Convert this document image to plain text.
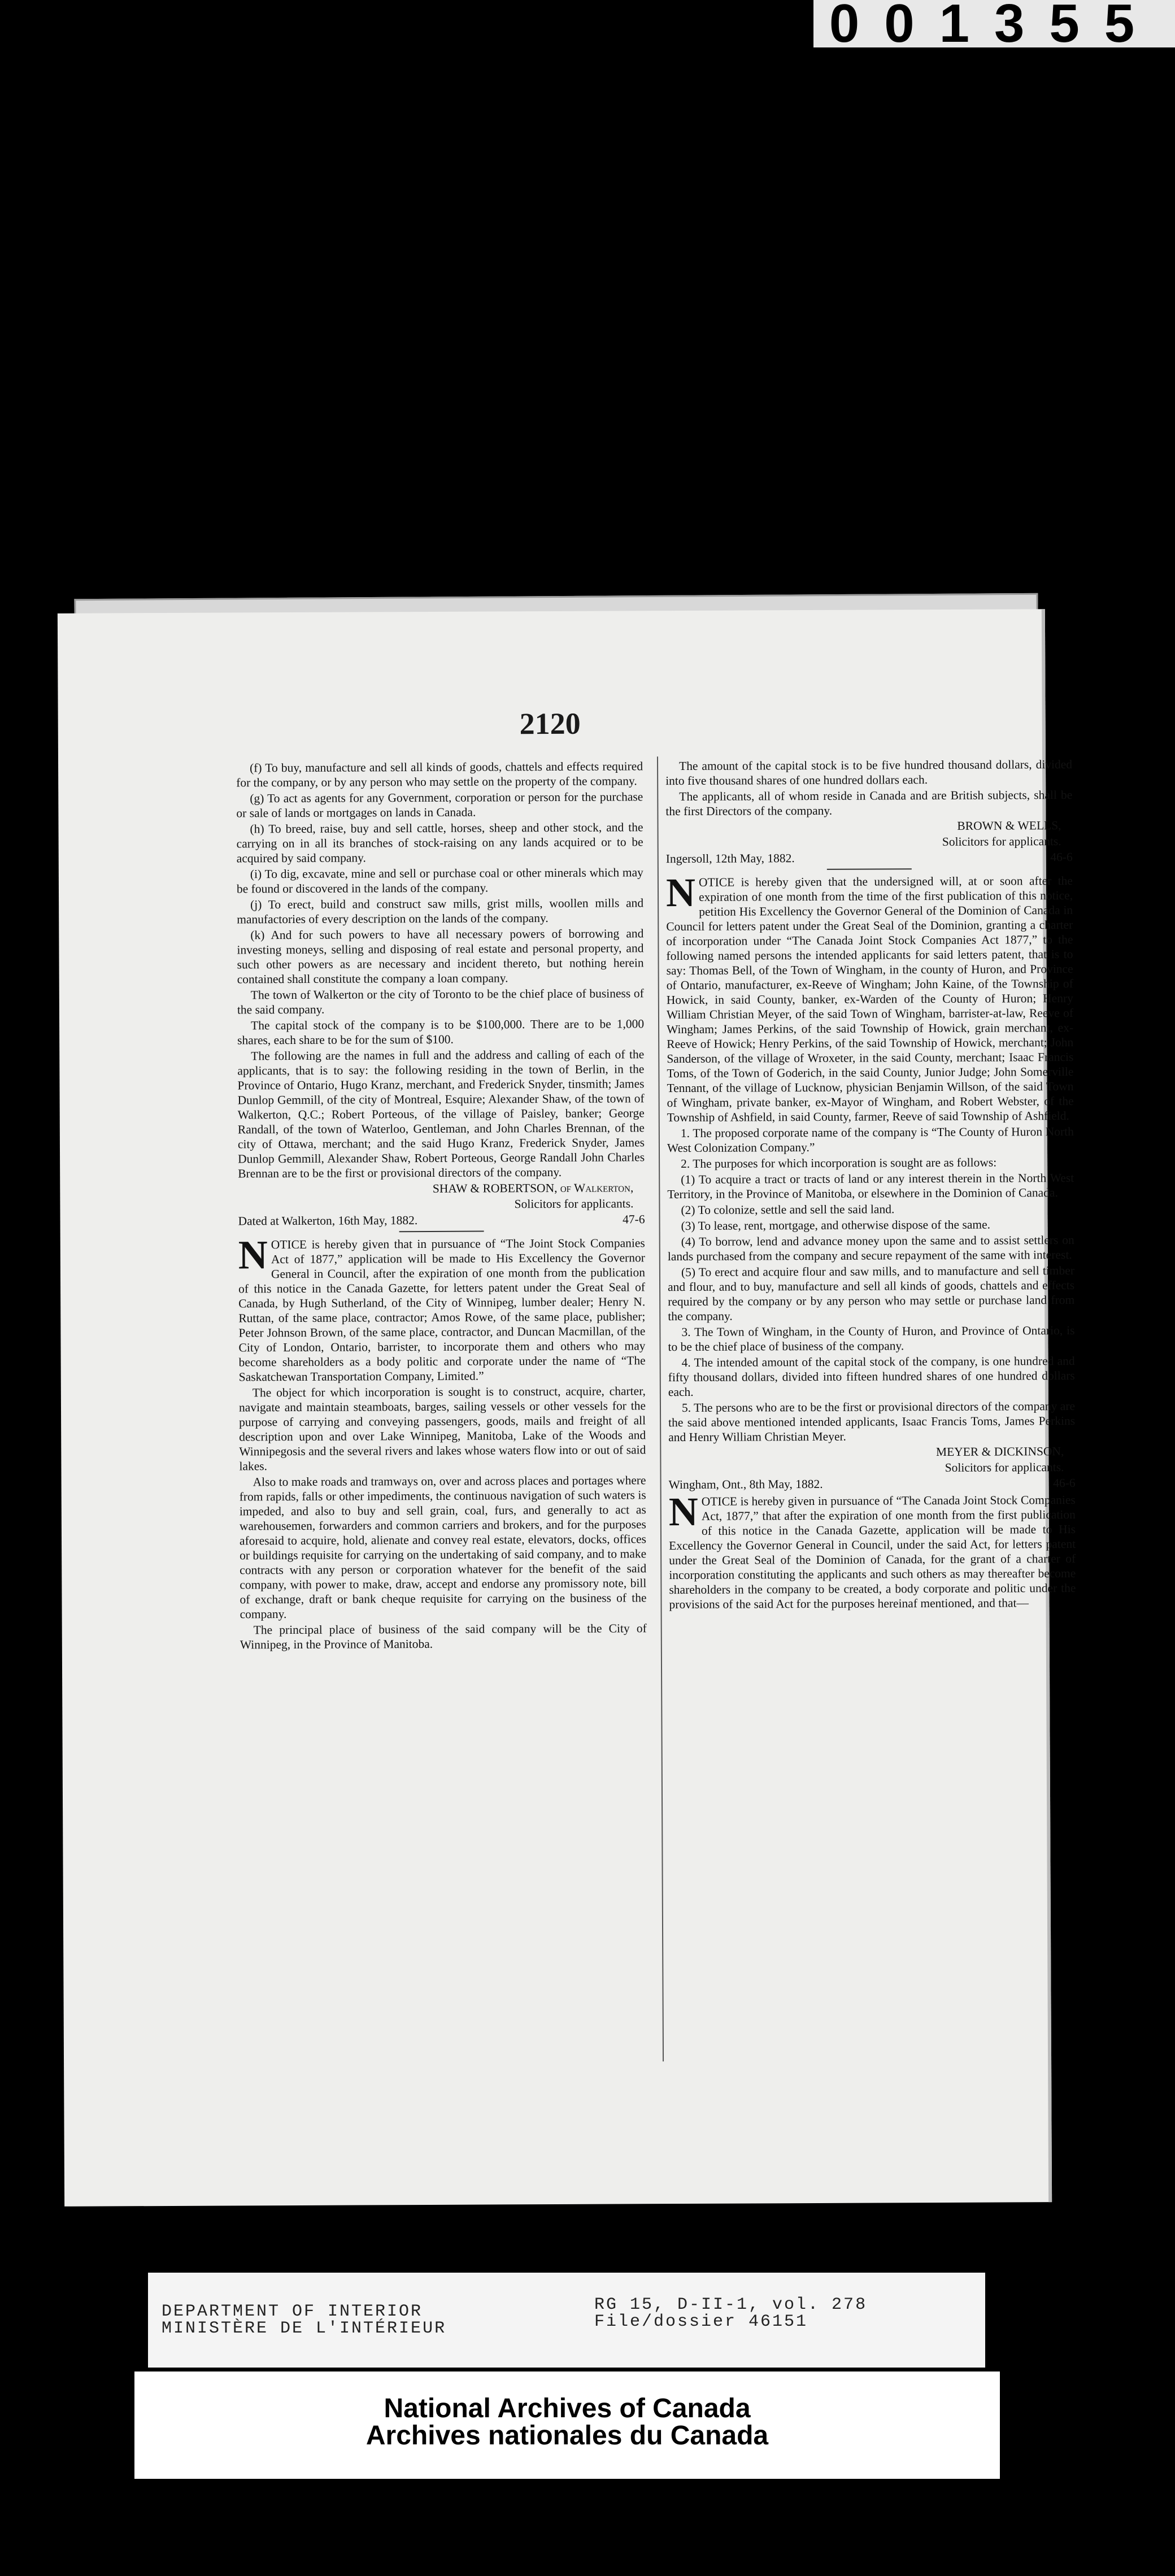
001355
2120

(f) To buy, manufacture and sell all kinds of goods, chattels and effects required for the company, or by any person who may settle on the property of the company.

(g) To act as agents for any Government, corporation or person for the purchase or sale of lands or mortgages on lands in Canada.

(h) To breed, raise, buy and sell cattle, horses, sheep and other stock, and the carrying on in all its branches of stock-raising on any lands acquired or to be acquired by said company.

(i) To dig, excavate, mine and sell or purchase coal or other minerals which may be found or discovered in the lands of the company.

(j) To erect, build and construct saw mills, grist mills, woollen mills and manufactories of every description on the lands of the company.

(k) And for such powers to have all necessary powers of borrowing and investing moneys, selling and disposing of real estate and personal property, and such other powers as are necessary and incident thereto, but nothing herein contained shall constitute the company a loan company.

The town of Walkerton or the city of Toronto to be the chief place of business of the said company.

The capital stock of the company is to be $100,000. There are to be 1,000 shares, each share to be for the sum of $100.

The following are the names in full and the address and calling of each of the applicants, that is to say: the following residing in the town of Berlin, in the Province of Ontario, Hugo Kranz, merchant, and Frederick Snyder, tinsmith; James Dunlop Gemmill, of the city of Montreal, Esquire; Alexander Shaw, of the town of Walkerton, Q.C.; Robert Porteous, of the village of Paisley, banker; George Randall, of the town of Waterloo, Gentleman, and John Charles Brennan, of the city of Ottawa, merchant; and the said Hugo Kranz, Frederick Snyder, James Dunlop Gemmill, Alexander Shaw, Robert Porteous, George Randall John Charles Brennan are to be the first or provisional directors of the company.

SHAW & ROBERTSON, of Walkerton,

Solicitors for applicants.

Dated at Walkerton, 16th May, 1882.	47-6

NOTICE is hereby given that in pursuance of “The Joint Stock Companies Act of 1877,” application will be made to His Excellency the Governor General in Council, after the expiration of one month from the publication of this notice in the Canada Gazette, for letters patent under the Great Seal of Canada, by Hugh Sutherland, of the City of Winnipeg, lumber dealer; Henry N. Ruttan, of the same place, contractor; Amos Rowe, of the same place, publisher; Peter Johnson Brown, of the same place, contractor, and Duncan Macmillan, of the City of London, Ontario, barrister, to incorporate them and others who may become shareholders as a body politic and corporate under the name of “The Saskatchewan Transportation Company, Limited.”

The object for which incorporation is sought is to construct, acquire, charter, navigate and maintain steamboats, barges, sailing vessels or other vessels for the purpose of carrying and conveying passengers, goods, mails and freight of all description upon and over Lake Winnipeg, Manitoba, Lake of the Woods and Winnipegosis and the several rivers and lakes whose waters flow into or out of said lakes.

Also to make roads and tramways on, over and across places and portages where from rapids, falls or other impediments, the continuous navigation of such waters is impeded, and also to buy and sell grain, coal, furs, and generally to act as warehousemen, forwarders and common carriers and brokers, and for the purposes aforesaid to acquire, hold, alienate and convey real estate, elevators, docks, offices or buildings requisite for carrying on the undertaking of said company, and to make contracts with any person or corporation whatever for the benefit of the said company, with power to make, draw, accept and endorse any promissory note, bill of exchange, draft or bank cheque requisite for carrying on the business of the company.

The principal place of business of the said company will be the City of Winnipeg, in the Province of Manitoba.

The amount of the capital stock is to be five hundred thousand dollars, divided into five thousand shares of one hundred dollars each.

The applicants, all of whom reside in Canada and are British subjects, shall be the first Directors of the company.

BROWN & WELLS,

Solicitors for applicants.

Ingersoll, 12th May, 1882.	46-6

NOTICE is hereby given that the undersigned will, at or soon after the expiration of one month from the time of the first publication of this notice, petition His Excellency the Governor General of the Dominion of Canada in Council for letters patent under the Great Seal of the Dominion, granting a charter of incorporation under “The Canada Joint Stock Companies Act 1877,” to the following named persons the intended applicants for said letters patent, that is to say: Thomas Bell, of the Town of Wingham, in the county of Huron, and Province of Ontario, manufacturer, ex-Reeve of Wingham; John Kaine, of the Township of Howick, in said County, banker, ex-Warden of the County of Huron; Henry William Christian Meyer, of the said Town of Wingham, barrister-at-law, Reeve of Wingham; James Perkins, of the said Township of Howick, grain merchant, ex-Reeve of Howick; Henry Perkins, of the said Township of Howick, merchant; John Sanderson, of the village of Wroxeter, in the said County, merchant; Isaac Francis Toms, of the Town of Goderich, in the said County, Junior Judge; John Somerville Tennant, of the village of Lucknow, physician Benjamin Willson, of the said Town of Wingham, private banker, ex-Mayor of Wingham, and Robert Webster, of the Township of Ashfield, in said County, farmer, Reeve of said Township of Ashfield.

1. The proposed corporate name of the company is “The County of Huron North West Colonization Company.”

2. The purposes for which incorporation is sought are as follows:

(1) To acquire a tract or tracts of land or any interest therein in the North West Territory, in the Province of Manitoba, or elsewhere in the Dominion of Canada.

(2) To colonize, settle and sell the said land.

(3) To lease, rent, mortgage, and otherwise dispose of the same.

(4) To borrow, lend and advance money upon the same and to assist settlers on lands purchased from the company and secure repayment of the same with interest.

(5) To erect and acquire flour and saw mills, and to manufacture and sell timber and flour, and to buy, manufacture and sell all kinds of goods, chattels and effects required by the company or by any person who may settle or purchase land from the company.

3. The Town of Wingham, in the County of Huron, and Province of Ontario, is to be the chief place of business of the company.

4. The intended amount of the capital stock of the company, is one hundred and fifty thousand dollars, divided into fifteen hundred shares of one hundred dollars each.

5. The persons who are to be the first or provisional directors of the company are the said above mentioned intended applicants, Isaac Francis Toms, James Perkins and Henry William Christian Meyer.

MEYER & DICKINSON,

Solicitors for applicants.

Wingham, Ont., 8th May, 1882.	46-6

NOTICE is hereby given in pursuance of “The Canada Joint Stock Companies Act, 1877,” that after the expiration of one month from the first publication of this notice in the Canada Gazette, application will be made to His Excellency the Governor General in Council, under the said Act, for letters patent under the Great Seal of the Dominion of Canada, for the grant of a charter of incorporation constituting the applicants and such others as may thereafter become shareholders in the company to be created, a body corporate and politic under the provisions of the said Act for the purposes hereinaf mentioned, and that—

DEPARTMENT OF INTERIOR
MINISTÈRE DE L'INTÉRIEUR
RG 15, D-II-1, vol. 278
File/dossier 46151
National Archives of Canada
Archives nationales du Canada
